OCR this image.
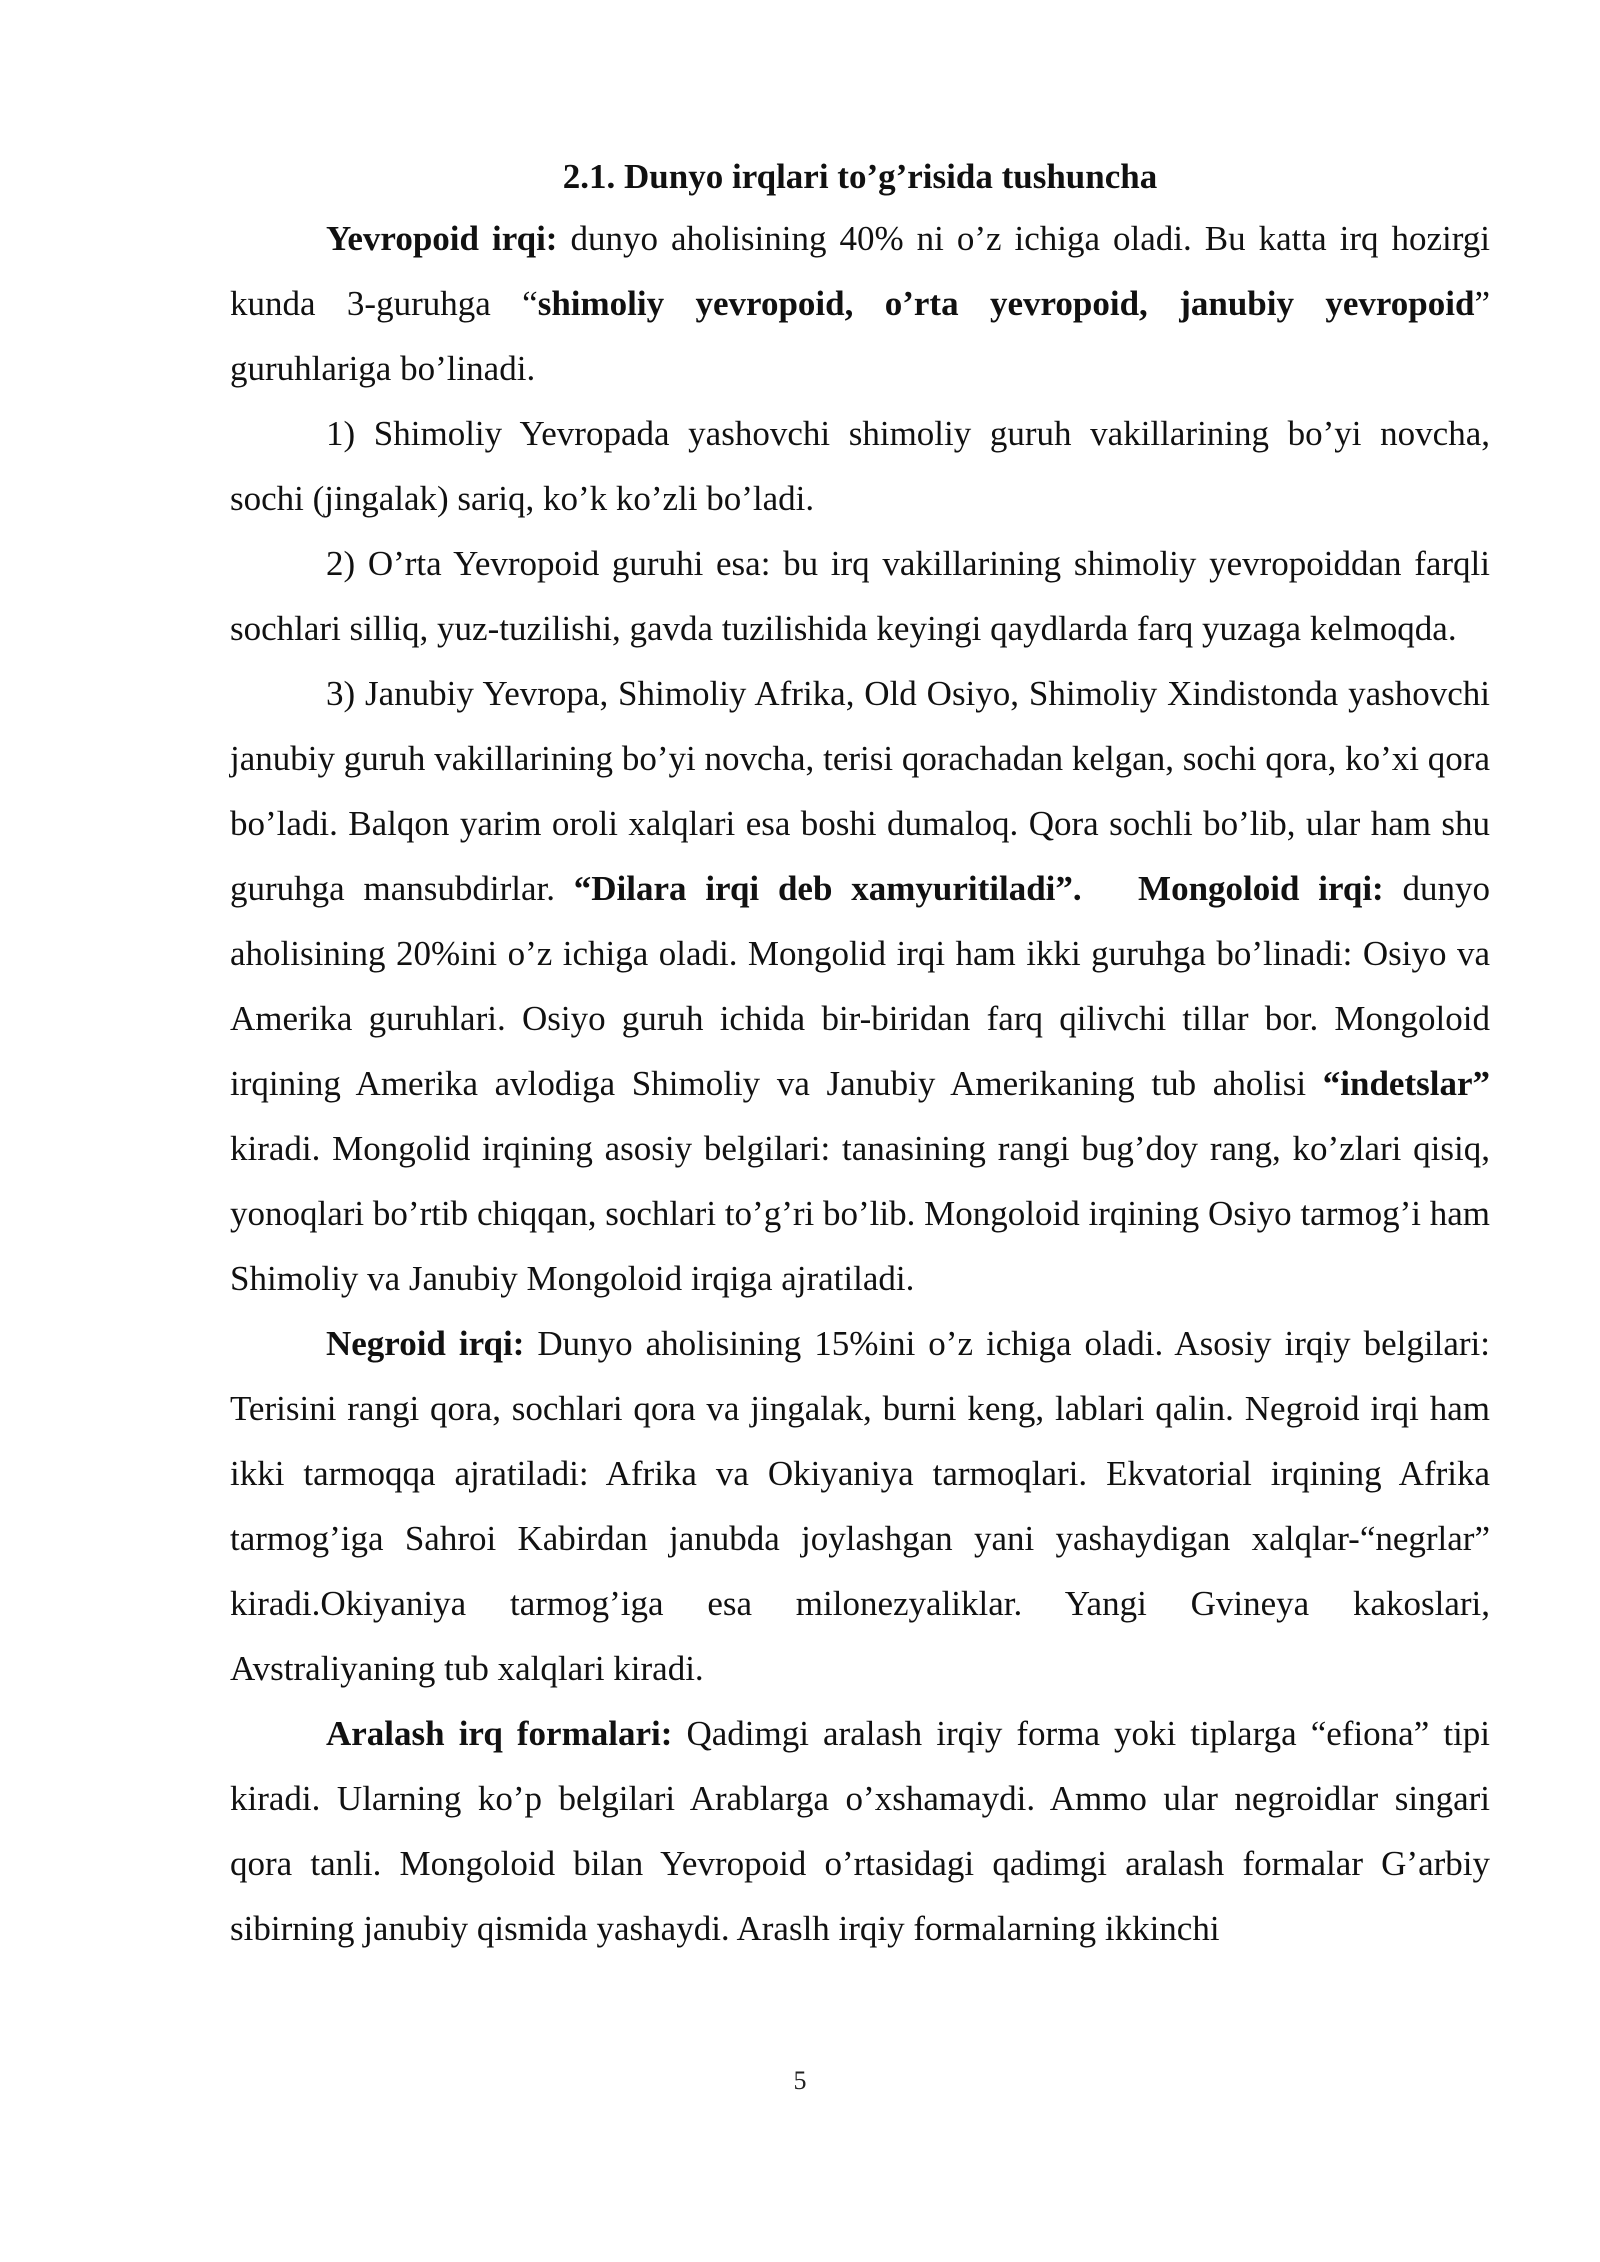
2.1. Dunyo irqlari to’g’risida tushuncha

Yevropoid irqi: dunyo aholisining 40% ni o’z ichiga oladi. Bu katta irq hozirgi kunda 3-guruhga “shimoliy yevropoid, o’rta yevropoid, janubiy yevropoid” guruhlariga bo’linadi.

1) Shimoliy Yevropada yashovchi shimoliy guruh vakillarining bo’yi novcha, sochi (jingalak) sariq, ko’k ko’zli bo’ladi.

2) O’rta Yevropoid guruhi esa: bu irq vakillarining shimoliy yevropoiddan farqli sochlari silliq, yuz-tuzilishi, gavda tuzilishida keyingi qaydlarda farq yuzaga kelmoqda.

3) Janubiy Yevropa, Shimoliy Afrika, Old Osiyo, Shimoliy Xindistonda yashovchi janubiy guruh vakillarining bo’yi novcha, terisi qorachadan kelgan, sochi qora, ko’xi qora bo’ladi. Balqon yarim oroli xalqlari esa boshi dumaloq. Qora sochli bo’lib, ular ham shu guruhga mansubdirlar. “Dilara irqi deb xamyuritiladi”. Mongoloid irqi: dunyo aholisining 20%ini o’z ichiga oladi. Mongolid irqi ham ikki guruhga bo’linadi: Osiyo va Amerika guruhlari. Osiyo guruh ichida bir-biridan farq qilivchi tillar bor. Mongoloid irqining Amerika avlodiga Shimoliy va Janubiy Amerikaning tub aholisi “indetslar” kiradi. Mongolid irqining asosiy belgilari: tanasining rangi bug’doy rang, ko’zlari qisiq, yonoqlari bo’rtib chiqqan, sochlari to’g’ri bo’lib. Mongoloid irqining Osiyo tarmog’i ham Shimoliy va Janubiy Mongoloid irqiga ajratiladi.

Negroid irqi: Dunyo aholisining 15%ini o’z ichiga oladi. Asosiy irqiy belgilari: Terisini rangi qora, sochlari qora va jingalak, burni keng, lablari qalin. Negroid irqi ham ikki tarmoqqa ajratiladi: Afrika va Okiyaniya tarmoqlari. Ekvatorial irqining Afrika tarmog’iga Sahroi Kabirdan janubda joylashgan yani yashaydigan xalqlar-“negrlar” kiradi.Okiyaniya tarmog’iga esa milonezyaliklar. Yangi Gvineya kakoslari, Avstraliyaning tub xalqlari kiradi.

Aralash irq formalari: Qadimgi aralash irqiy forma yoki tiplarga “efiona” tipi kiradi. Ularning ko’p belgilari Arablarga o’xshamaydi. Ammo ular negroidlar singari qora tanli. Mongoloid bilan Yevropoid o’rtasidagi qadimgi aralash formalar G’arbiy sibirning janubiy qismida yashaydi. Araslh irqiy formalarning ikkinchi

5
